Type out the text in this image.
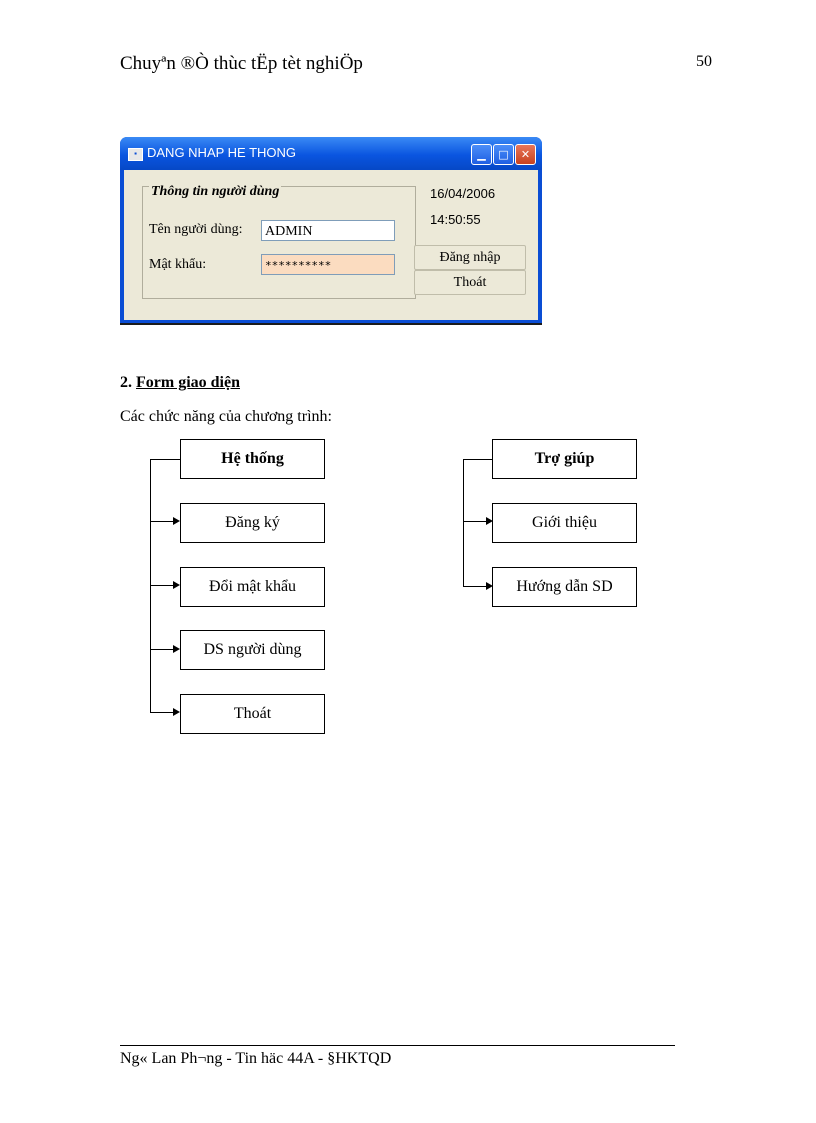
Chuyªn ®Ò thùc tËp tèt nghiÖp	50
▪ DANG NHAP HE THONG	▁	□	✕
Thông tin người dùng
Tên người dùng: ADMIN
Mật khẩu:	**********
16/04/2006
14:50:55
Đăng nhập
Thoát
2. Form giao diện
Các chức năng của chương trình:
Hệ thống
Đăng ký
Đổi mật khẩu
DS người dùng
Thoát
Trợ giúp
Giới thiệu
Hướng dẫn SD
Ng« Lan Ph¬ng - Tin häc 44A - §HKTQD
